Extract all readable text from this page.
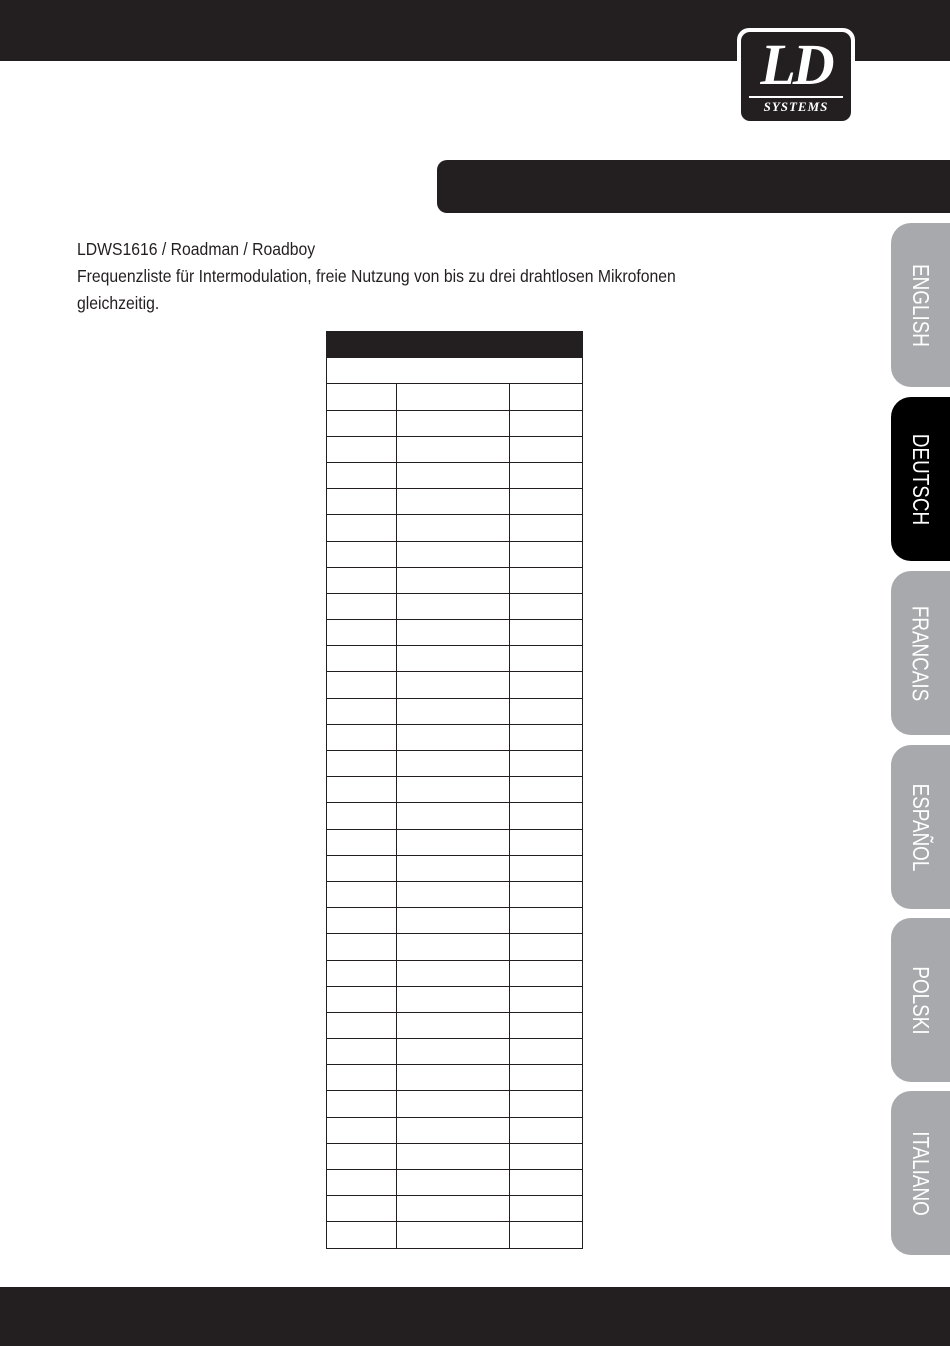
LD
SYSTEMS
LDWS1616 / Roadman / Roadboy
Frequenzliste für Intermodulation, freie Nutzung von bis zu drei drahtlosen Mikrofonen
gleichzeitig.

			ENGLISH
DEUTSCH
FRANCAIS
ESPAÑOL
POLSKI
ITALIANO
